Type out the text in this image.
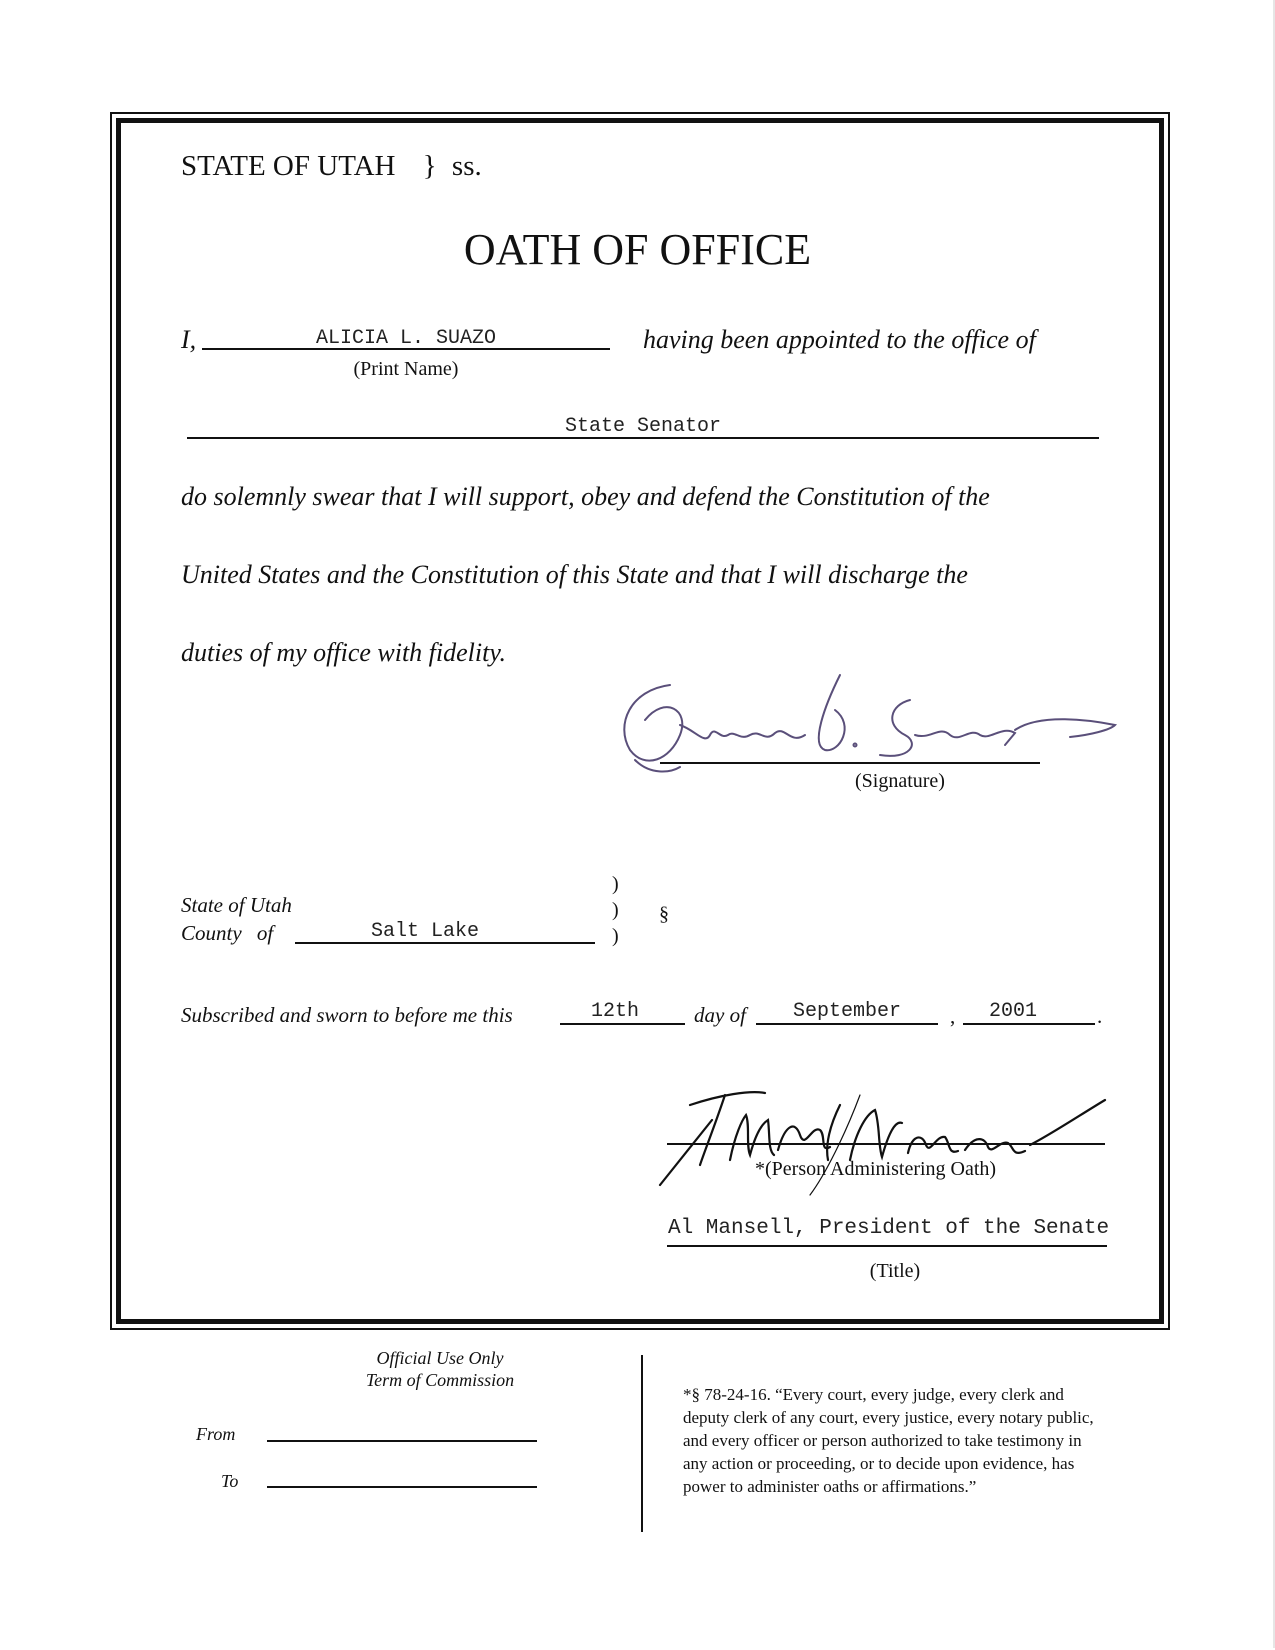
STATE OF UTAH } ss.
OATH OF OFFICE
I,	ALICIA L. SUAZO
(Print Name)
having been appointed to the office of
State Senator
do solemnly swear that I will support, obey and defend the Constitution of the
United States and the Constitution of this State and that I will discharge the
duties of my office with fidelity.
(Signature)
State of Utah
County of	Salt Lake
)
)
)
§
Subscribed and sworn to before me this	12th	day of	September	,	2001	.
*(Person Administering Oath)
Al Mansell, President of the Senate
(Title)
Official Use Only
Term of Commission
From
To
*§ 78-24-16. “Every court, every judge, every clerk and
deputy clerk of any court, every justice, every notary public,
and every officer or person authorized to take testimony in
any action or proceeding, or to decide upon evidence, has
power to administer oaths or affirmations.”
